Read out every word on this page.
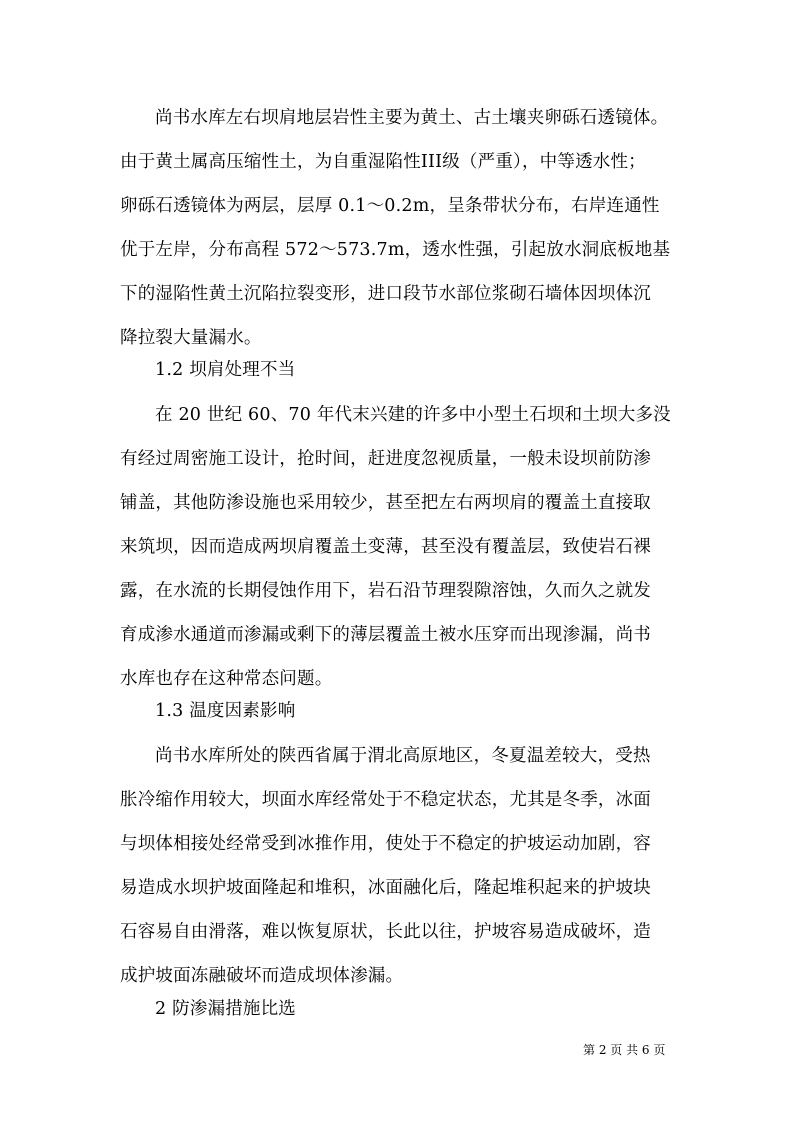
尚书水库左右坝肩地层岩性主要为黄土、古土壤夹卵砾石透镜体。
由于黄土属高压缩性土，为自重湿陷性III级（严重），中等透水性；
卵砾石透镜体为两层，层厚 0.1～0.2m，呈条带状分布，右岸连通性
优于左岸，分布高程 572～573.7m，透水性强，引起放水洞底板地基
下的湿陷性黄土沉陷拉裂变形，进口段节水部位浆砌石墙体因坝体沉
降拉裂大量漏水。
1.2 坝肩处理不当
在 20 世纪 60、70 年代末兴建的许多中小型土石坝和土坝大多没
有经过周密施工设计，抢时间，赶进度忽视质量，一般未设坝前防渗
铺盖，其他防渗设施也采用较少，甚至把左右两坝肩的覆盖土直接取
来筑坝，因而造成两坝肩覆盖土变薄，甚至没有覆盖层，致使岩石裸
露，在水流的长期侵蚀作用下，岩石沿节理裂隙溶蚀，久而久之就发
育成渗水通道而渗漏或剩下的薄层覆盖土被水压穿而出现渗漏，尚书
水库也存在这种常态问题。
1.3 温度因素影响
尚书水库所处的陕西省属于渭北高原地区，冬夏温差较大，受热
胀冷缩作用较大，坝面水库经常处于不稳定状态，尤其是冬季，冰面
与坝体相接处经常受到冰推作用，使处于不稳定的护坡运动加剧，容
易造成水坝护坡面隆起和堆积，冰面融化后，隆起堆积起来的护坡块
石容易自由滑落，难以恢复原状，长此以往，护坡容易造成破坏，造
成护坡面冻融破坏而造成坝体渗漏。
2 防渗漏措施比选
第 2 页 共 6 页
